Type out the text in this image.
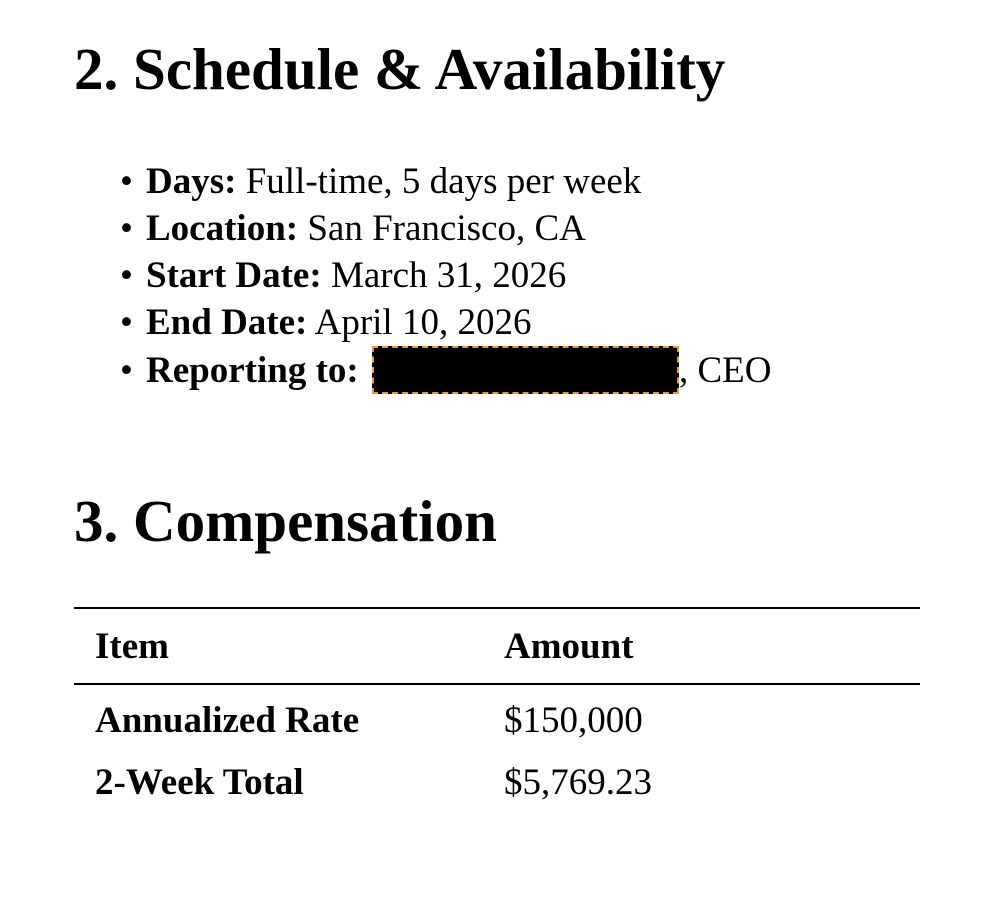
2. Schedule & Availability
• Days: Full-time, 5 days per week
• Location: San Francisco, CA
• Start Date: March 31, 2026
• End Date: April 10, 2026
• Reporting to:	, CEO
3. Compensation
Item	Amount
Annualized Rate	$150,000
2-Week Total	$5,769.23
